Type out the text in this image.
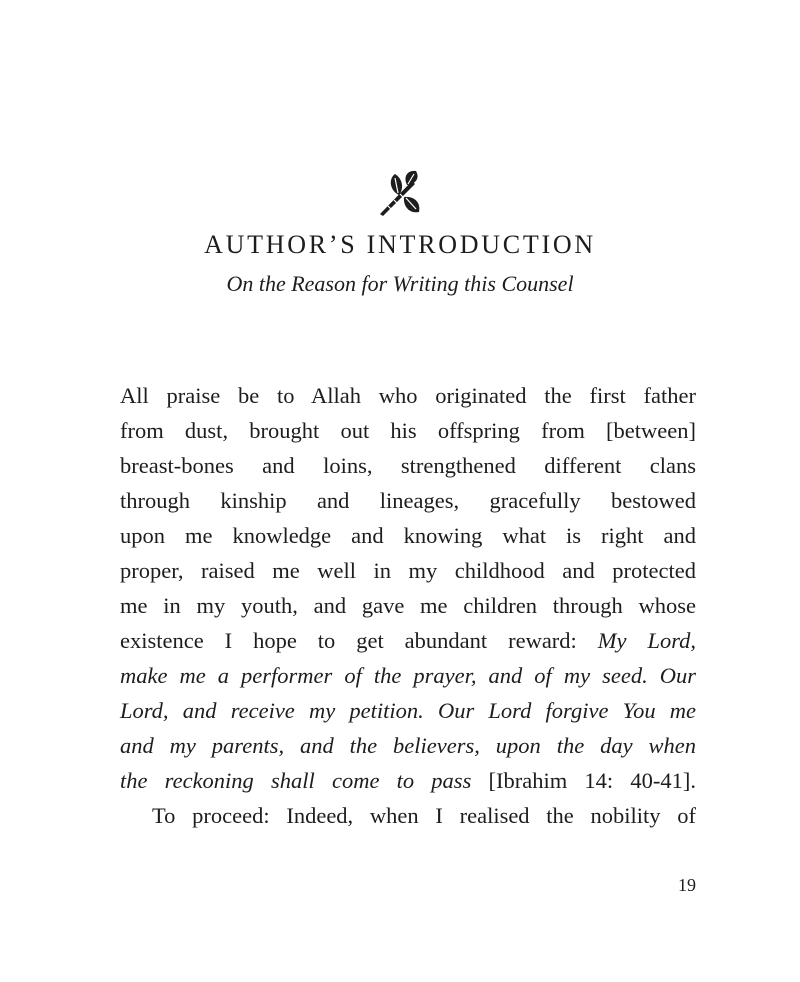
AUTHOR’S INTRODUCTION
On the Reason for Writing this Counsel
All praise be to Allah who originated the first father
from dust, brought out his offspring from [between]
breast-bones and loins, strengthened different clans
through kinship and lineages, gracefully bestowed
upon me knowledge and knowing what is right and
proper, raised me well in my childhood and protected
me in my youth, and gave me children through whose
existence I hope to get abundant reward: My Lord,
make me a performer of the prayer, and of my seed. Our
Lord, and receive my petition. Our Lord forgive You me
and my parents, and the believers, upon the day when
the reckoning shall come to pass [Ibrahim 14: 40-41].
To proceed: Indeed, when I realised the nobility of
19
